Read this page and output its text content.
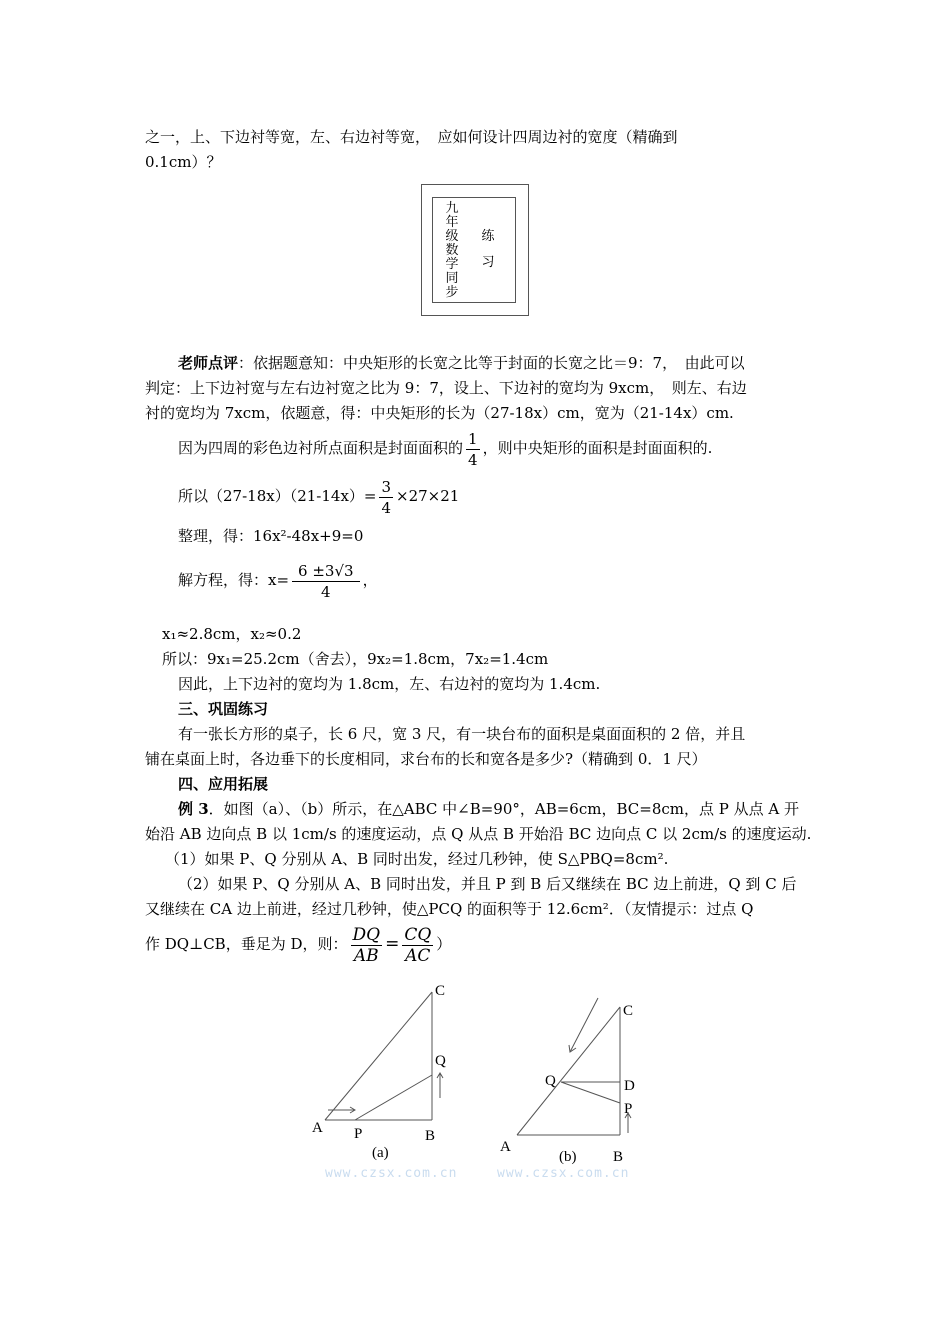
之一，上、下边衬等宽，左、右边衬等宽，　应如何设计四周边衬的宽度（精确到
0.1cm）？
九年级数学同步
练习
老师点评：依据题意知：中央矩形的长宽之比等于封面的长宽之比＝9：7，　由此可以
判定：上下边衬宽与左右边衬宽之比为 9：7，设上、下边衬的宽均为 9xcm，　则左、右边
衬的宽均为 7xcm，依题意，得：中央矩形的长为（27-18x）cm，宽为（21-14x）cm.
因为四周的彩色边衬所点面积是封面面积的 $\frac{1}{4}$ ，则中央矩形的面积是封面面积的.
所以$(27-18x)(21-14x)= \frac{3}{4} \times 27\times 21$
整理，得：16x²-48x+9=0
解方程，得：$x= \frac{6 \pm 3√3}{4}$ ，
x₁≈2.8cm，x₂≈0.2
所以：9x₁=25.2cm（舍去），9x₂=1.8cm，7x₂=1.4cm
因此，上下边衬的宽均为 1.8cm，左、右边衬的宽均为 1.4cm.
三、巩固练习
有一张长方形的桌子，长 6 尺，宽 3 尺，有一块台布的面积是桌面面积的 2 倍，并且
铺在桌面上时，各边垂下的长度相同，求台布的长和宽各是多少?（精确到 0．1 尺）
四、应用拓展
例 3．如图（a）、（b）所示，在△ABC 中∠B=90°，AB=6cm，BC=8cm，点 P 从点 A 开
始沿 AB 边向点 B 以 1cm/s 的速度运动，点 Q 从点 B 开始沿 BC 边向点 C 以 2cm/s 的速度运动.
（1）如果 P、Q 分别从 A、B 同时出发，经过几秒钟，使 S△PBQ=8cm².
（2）如果 P、Q 分别从 A、B 同时出发，并且 P 到 B 后又继续在 BC 边上前进，Q 到 C 后
又继续在 CA 边上前进，经过几秒钟，使△PCQ 的面积等于 12.6cm²．（友情提示：过点 Q
作 DQ⊥CB，垂足为 D，则： $\frac{DQ}{AB} = \frac{CQ}{AC}$ ）
C
Q
A P	B
(a)
C
Q	D
P
A
B
(b)
www.czsx.com.cn	www.czsx.com.cn
